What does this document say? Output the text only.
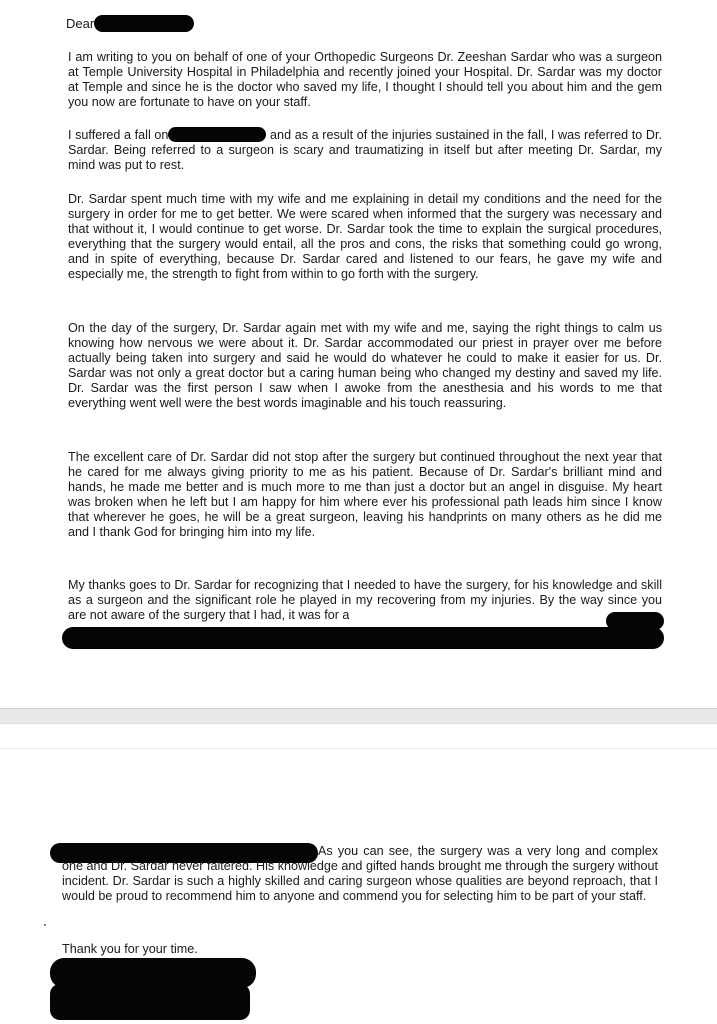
Dear

I am writing to you on behalf of one of your Orthopedic Surgeons Dr. Zeeshan Sardar who was a surgeon at Temple University Hospital in Philadelphia and recently joined your Hospital. Dr. Sardar was my doctor at Temple and since he is the doctor who saved my life, I thought I should tell you about him and the gem you now are fortunate to have on your staff.

I suffered a fall on	and as a result of the injuries sustained in the fall, I was referred to Dr. Sardar. Being referred to a surgeon is scary and traumatizing in itself but after meeting Dr. Sardar, my mind was put to rest.

Dr. Sardar spent much time with my wife and me explaining in detail my conditions and the need for the surgery in order for me to get better. We were scared when informed that the surgery was necessary and that without it, I would continue to get worse. Dr. Sardar took the time to explain the surgical procedures, everything that the surgery would entail, all the pros and cons, the risks that something could go wrong, and in spite of everything, because Dr. Sardar cared and listened to our fears, he gave my wife and especially me, the strength to fight from within to go forth with the surgery.

On the day of the surgery, Dr. Sardar again met with my wife and me, saying the right things to calm us knowing how nervous we were about it. Dr. Sardar accommodated our priest in prayer over me before actually being taken into surgery and said he would do whatever he could to make it easier for us. Dr. Sardar was not only a great doctor but a caring human being who changed my destiny and saved my life. Dr. Sardar was the first person I saw when I awoke from the anesthesia and his words to me that everything went well were the best words imaginable and his touch reassuring.

The excellent care of Dr. Sardar did not stop after the surgery but continued throughout the next year that he cared for me always giving priority to me as his patient. Because of Dr. Sardar's brilliant mind and hands, he made me better and is much more to me than just a doctor but an angel in disguise. My heart was broken when he left but I am happy for him where ever his professional path leads him since I know that wherever he goes, he will be a great surgeon, leaving his handprints on many others as he did me and I thank God for bringing him into my life.

My thanks goes to Dr. Sardar for recognizing that I needed to have the surgery, for his knowledge and skill as a surgeon and the significant role he played in my recovering from my injuries. By the way since you are not aware of the surgery that I had, it was for a

As you can see, the surgery was a very long and complex one and Dr. Sardar never faltered. His knowledge and gifted hands brought me through the surgery without incident. Dr. Sardar is such a highly skilled and caring surgeon whose qualities are beyond reproach, that I would be proud to recommend him to anyone and commend you for selecting him to be part of your staff.

Thank you for your time.
